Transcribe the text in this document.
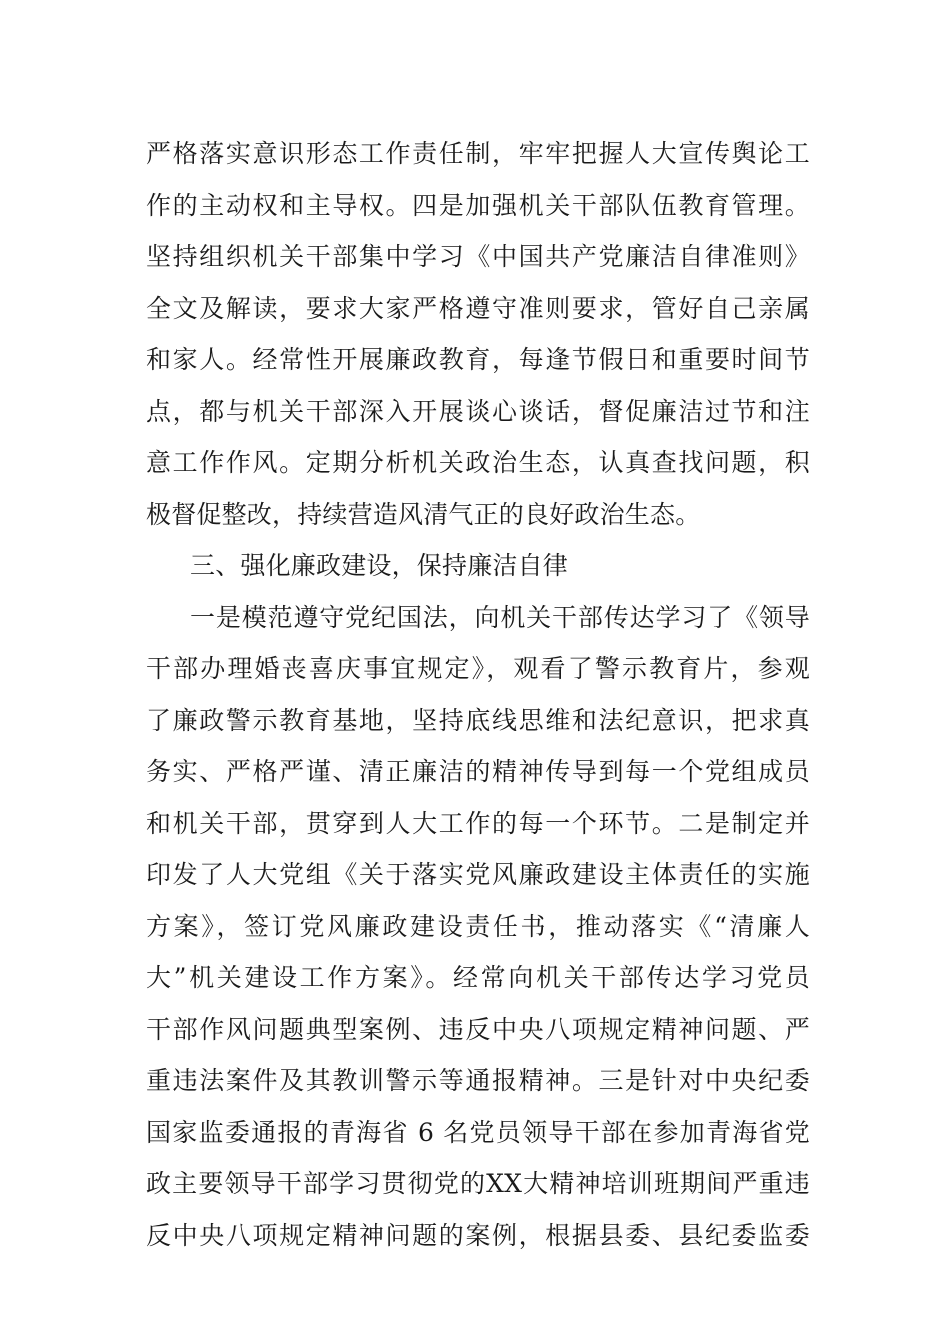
严格落实意识形态工作责任制，牢牢把握人大宣传舆论工
作的主动权和主导权。四是加强机关干部队伍教育管理。
坚持组织机关干部集中学习《中国共产党廉洁自律准则》
全文及解读，要求大家严格遵守准则要求，管好自己亲属
和家人。经常性开展廉政教育，每逢节假日和重要时间节
点，都与机关干部深入开展谈心谈话，督促廉洁过节和注
意工作作风。定期分析机关政治生态，认真查找问题，积
极督促整改，持续营造风清气正的良好政治生态。
三、强化廉政建设，保持廉洁自律
一是模范遵守党纪国法，向机关干部传达学习了《领导
干部办理婚丧喜庆事宜规定》，观看了警示教育片，参观
了廉政警示教育基地，坚持底线思维和法纪意识，把求真
务实、严格严谨、清正廉洁的精神传导到每一个党组成员
和机关干部，贯穿到人大工作的每一个环节。二是制定并
印发了人大党组《关于落实党风廉政建设主体责任的实施
方案》，签订党风廉政建设责任书，推动落实《“清廉人
大”机关建设工作方案》。经常向机关干部传达学习党员
干部作风问题典型案例、违反中央八项规定精神问题、严
重违法案件及其教训警示等通报精神。三是针对中央纪委
国家监委通报的青海省 6 名党员领导干部在参加青海省党
政主要领导干部学习贯彻党的XX大精神培训班期间严重违
反中央八项规定精神问题的案例，根据县委、县纪委监委
